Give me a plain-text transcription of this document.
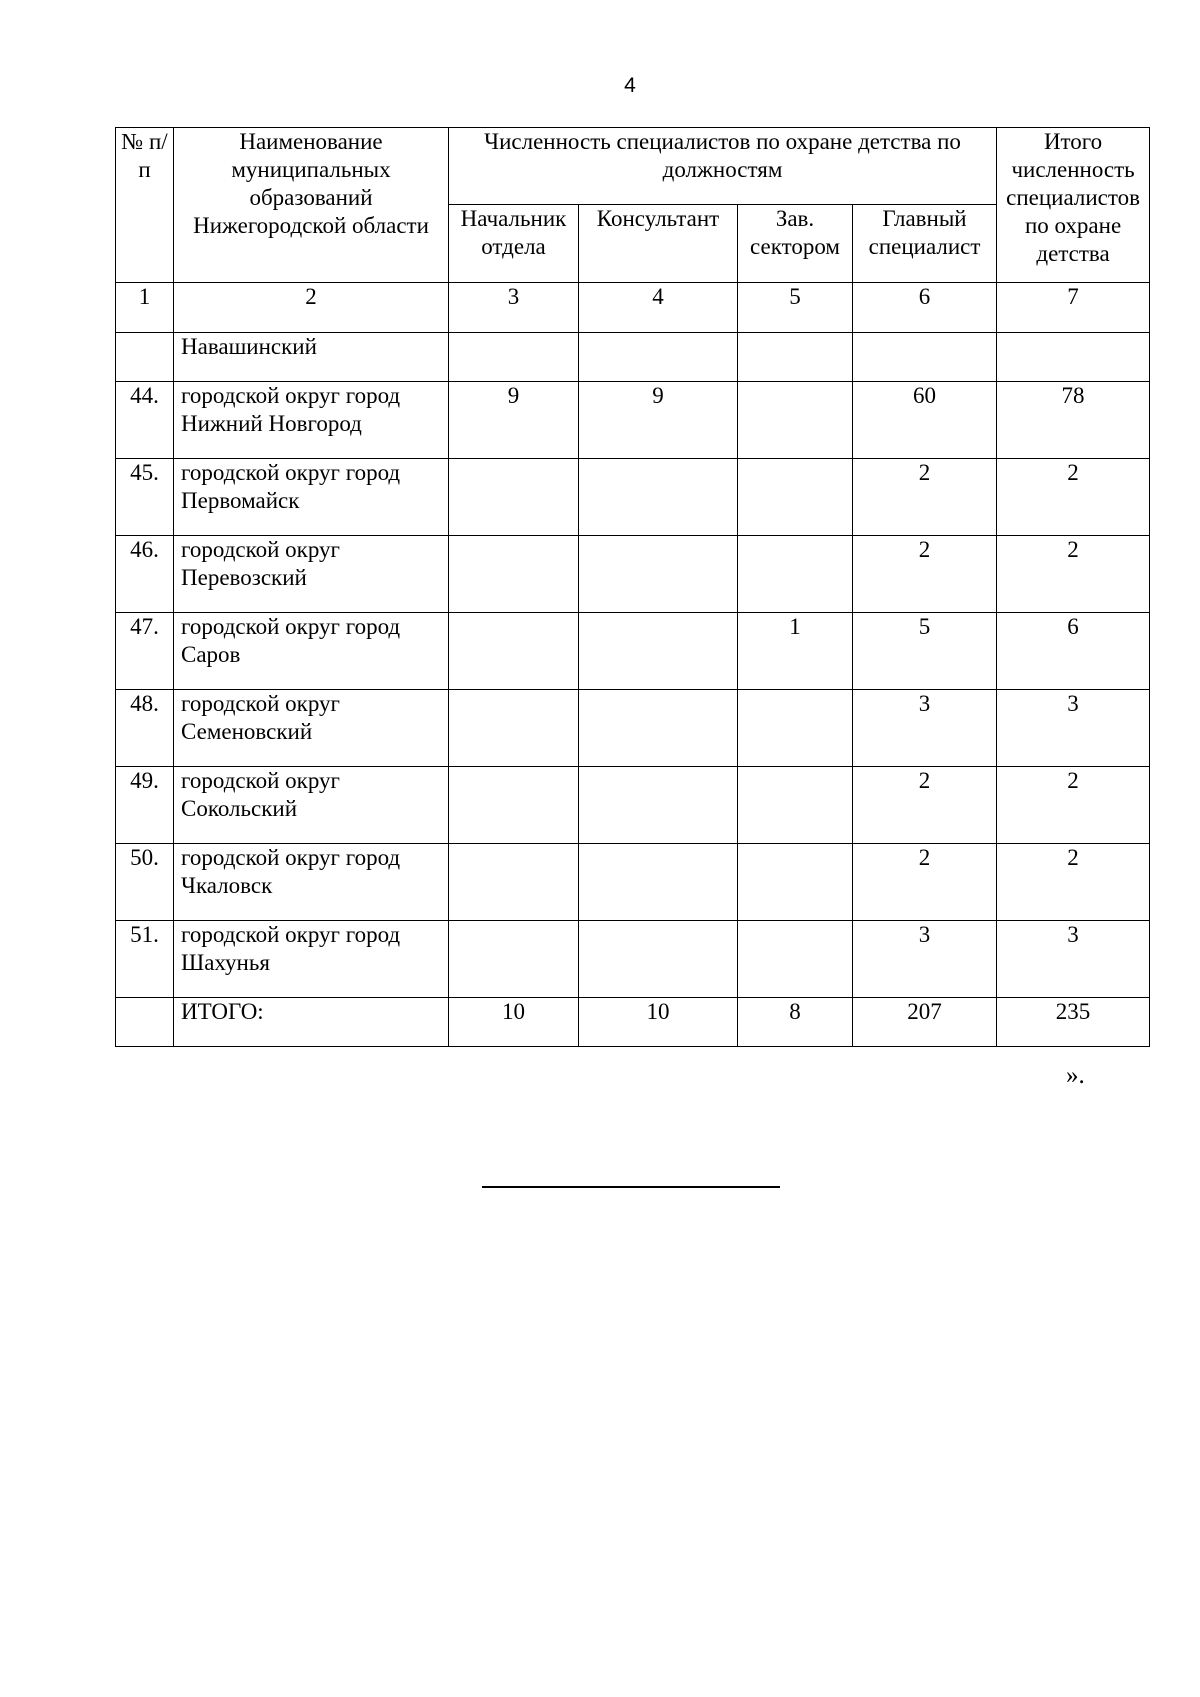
4
№ п/п	Наименование муниципальных образований Нижегородской области	Численность специалистов по охране детства по должностям				Итого численность специалистов по охране детства
		Начальник отдела	Консультант	Зав. сектором	Главный специалист	
1	2	3	4	5	6	7
	Навашинский					
44.	городской округ город Нижний Новгород	9	9		60	78
45.	городской округ город Первомайск				2	2
46.	городской округ Перевозский				2	2
47.	городской округ город Саров			1	5	6
48.	городской округ Семеновский				3	3
49.	городской округ Сокольский				2	2
50.	городской округ город Чкаловск				2	2
51.	городской округ город Шахунья				3	3
	ИТОГО:	10	10	8	207	235
».
